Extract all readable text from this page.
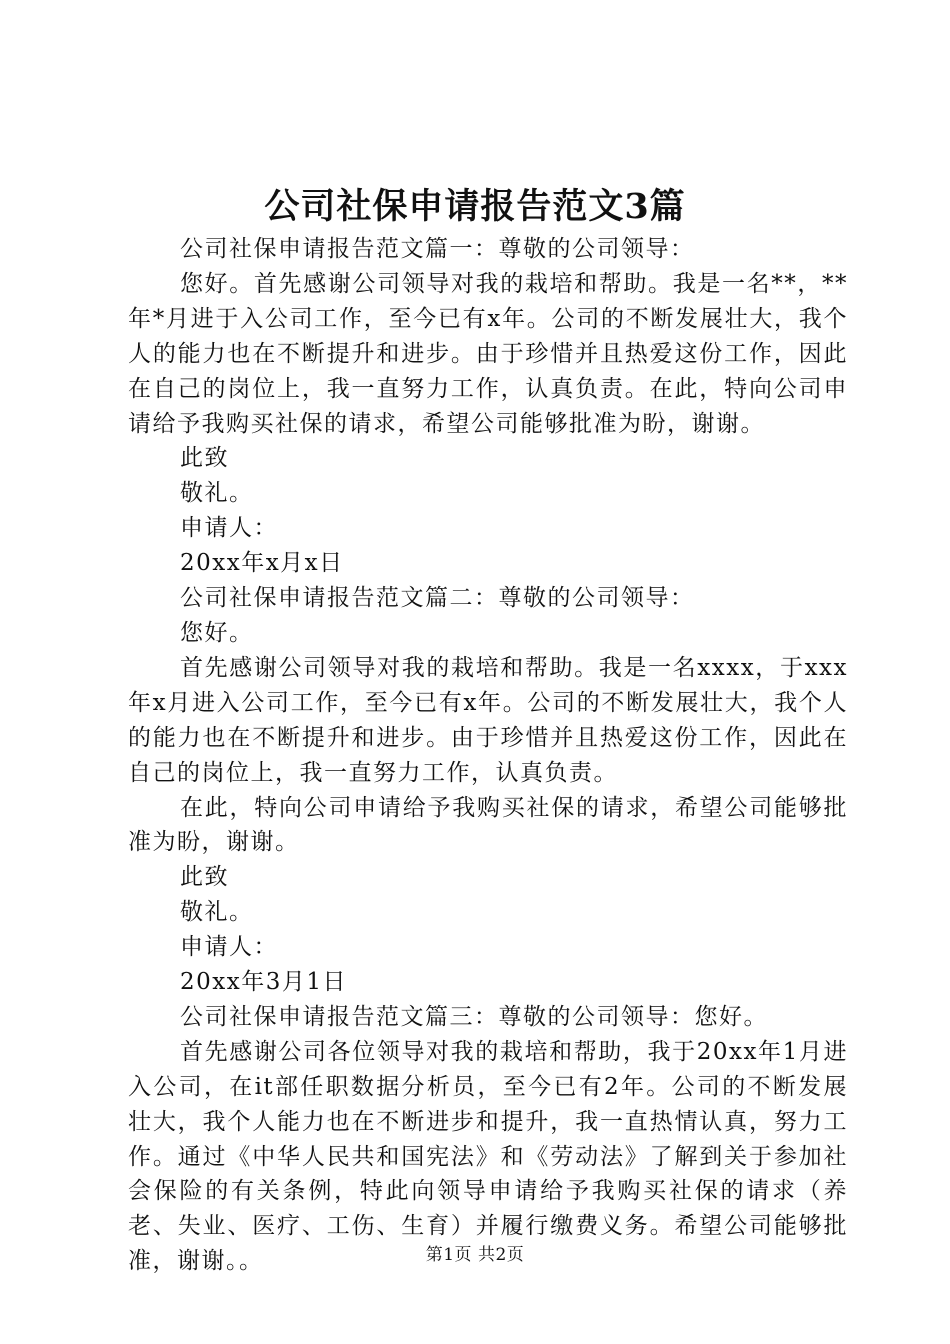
公司社保申请报告范文3篇

公司社保申请报告范文篇一：尊敬的公司领导：

您好。首先感谢公司领导对我的栽培和帮助。我是一名**，**年*月进于入公司工作，至今已有x年。公司的不断发展壮大，我个人的能力也在不断提升和进步。由于珍惜并且热爱这份工作，因此在自己的岗位上，我一直努力工作，认真负责。在此，特向公司申请给予我购买社保的请求，希望公司能够批准为盼，谢谢。

此致

敬礼。

申请人：

20xx年x月x日

公司社保申请报告范文篇二：尊敬的公司领导：

您好。

首先感谢公司领导对我的栽培和帮助。我是一名xxxx，于xxx年x月进入公司工作，至今已有x年。公司的不断发展壮大，我个人的能力也在不断提升和进步。由于珍惜并且热爱这份工作，因此在自己的岗位上，我一直努力工作，认真负责。

在此，特向公司申请给予我购买社保的请求，希望公司能够批准为盼，谢谢。

此致

敬礼。

申请人：

20xx年3月1日

公司社保申请报告范文篇三：尊敬的公司领导：您好。

首先感谢公司各位领导对我的栽培和帮助，我于20xx年1月进入公司，在it部任职数据分析员，至今已有2年。公司的不断发展壮大，我个人能力也在不断进步和提升，我一直热情认真，努力工作。通过《中华人民共和国宪法》和《劳动法》了解到关于参加社会保险的有关条例，特此向领导申请给予我购买社保的请求（养老、失业、医疗、工伤、生育）并履行缴费义务。希望公司能够批准，谢谢。。	第1页 共2页
